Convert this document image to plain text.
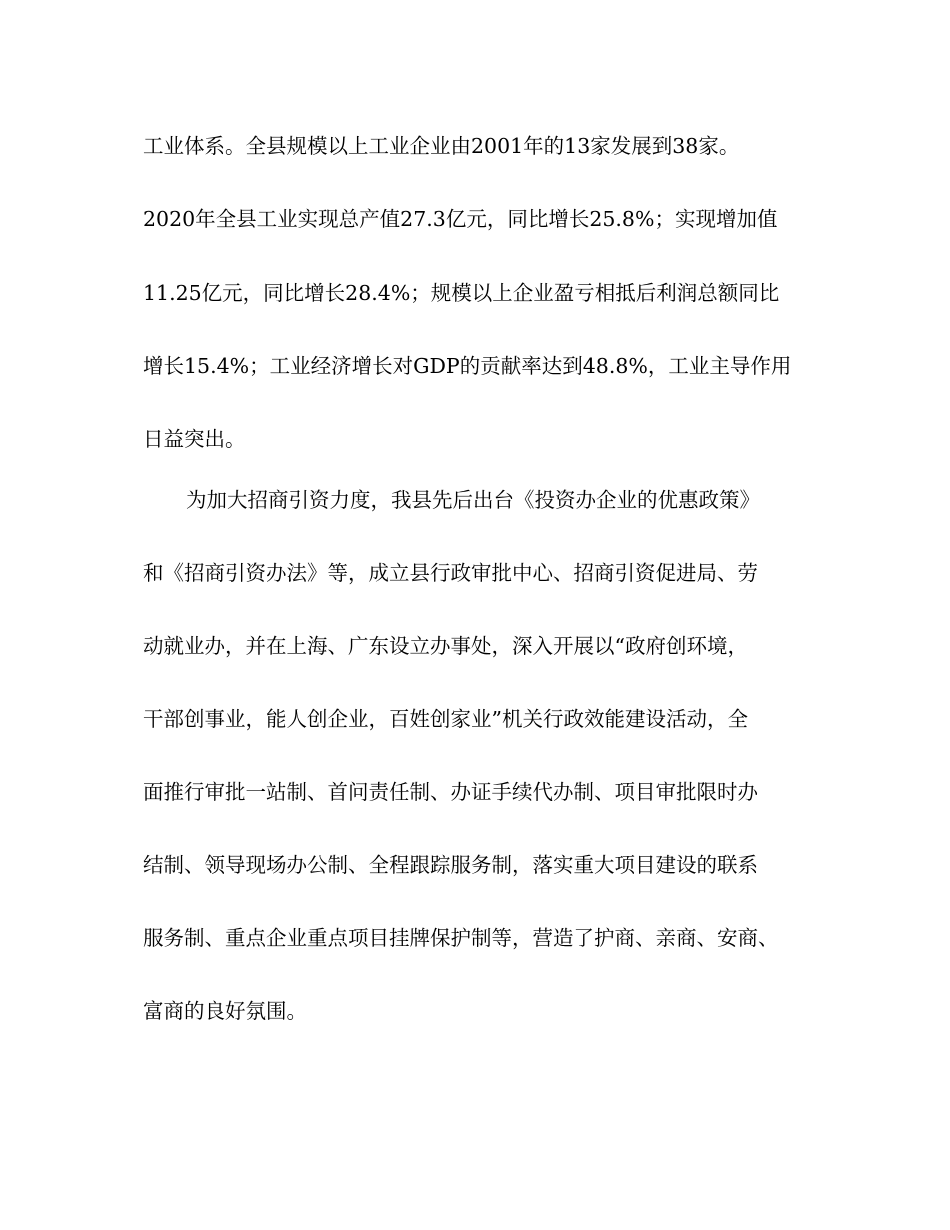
工业体系。全县规模以上工业企业由2001年的13家发展到38家。

2020年全县工业实现总产值27.3亿元，同比增长25.8%；实现增加值

11.25亿元，同比增长28.4%；规模以上企业盈亏相抵后利润总额同比

增长15.4%；工业经济增长对GDP的贡献率达到48.8%，工业主导作用

日益突出。

为加大招商引资力度，我县先后出台《投资办企业的优惠政策》

和《招商引资办法》等，成立县行政审批中心、招商引资促进局、劳

动就业办，并在上海、广东设立办事处，深入开展以“政府创环境，

干部创事业，能人创企业，百姓创家业”机关行政效能建设活动，全

面推行审批一站制、首问责任制、办证手续代办制、项目审批限时办

结制、领导现场办公制、全程跟踪服务制，落实重大项目建设的联系

服务制、重点企业重点项目挂牌保护制等，营造了护商、亲商、安商、

富商的良好氛围。
